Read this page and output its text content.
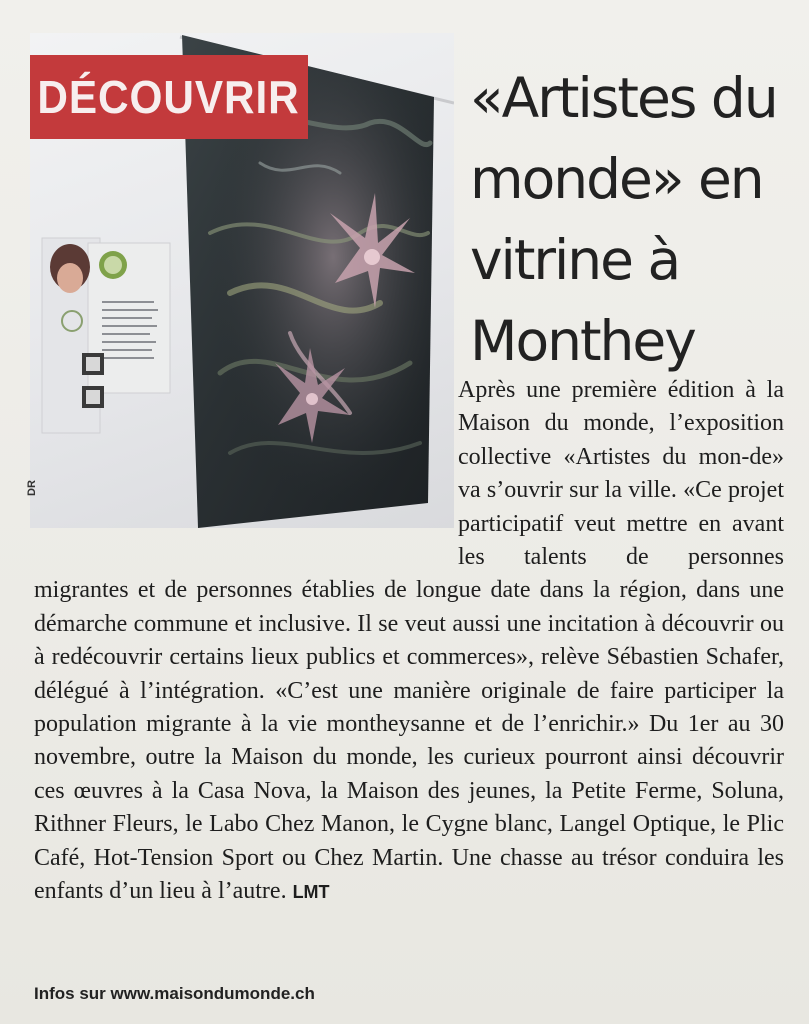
DÉCOUVRIR
DR
«Artistes du monde» en vitrine à Monthey
Après une première édition à la Maison du monde, l’exposition collective «Artistes du mon-de» va s’ouvrir sur la ville. «Ce projet participatif veut mettre en avant les talents de personnes migrantes et de personnes établies de longue date dans la région, dans une démarche commune et inclusive. Il se veut aussi une incitation à découvrir ou à redécouvrir certains lieux publics et commerces», relève Sébastien Schafer, délégué à l’intégration. «C’est une manière originale de faire participer la population migrante à la vie montheysanne et de l’enrichir.» Du 1er au 30 novembre, outre la Maison du monde, les curieux pourront ainsi découvrir ces œuvres à la Casa Nova, la Maison des jeunes, la Petite Ferme, Soluna, Rithner Fleurs, le Labo Chez Manon, le Cygne blanc, Langel Optique, le Plic Café, Hot-Tension Sport ou Chez Martin. Une chasse au trésor conduira les enfants d’un lieu à l’autre. LMT
Infos sur www.maisondumonde.ch
